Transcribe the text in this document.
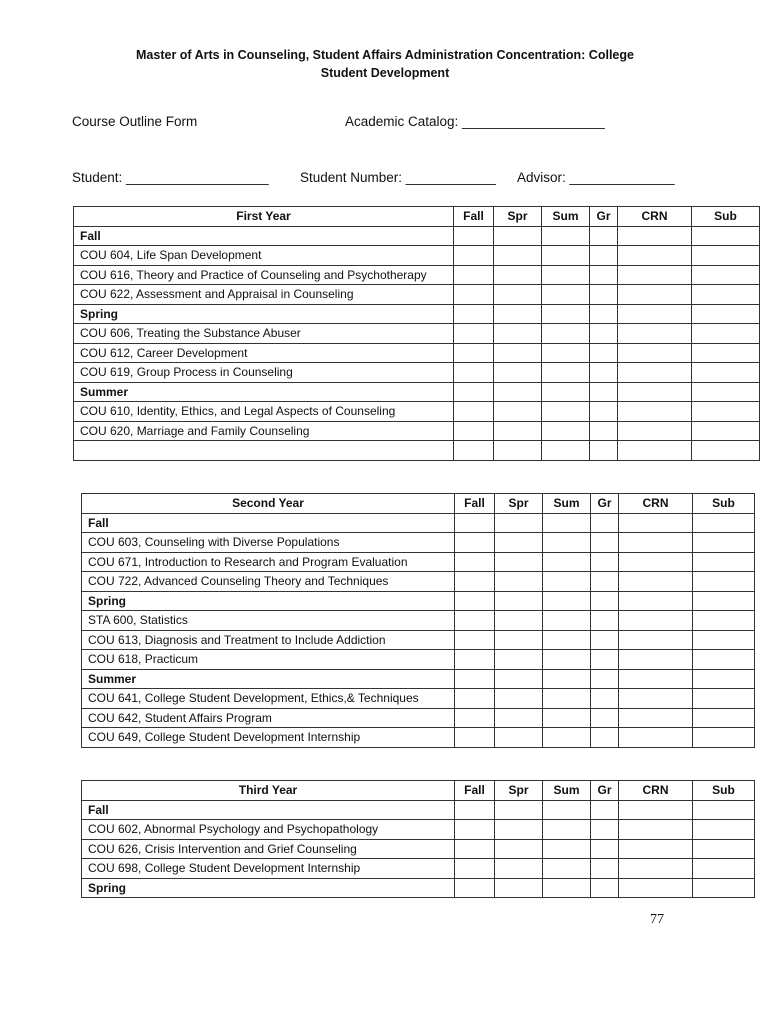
Master of Arts in Counseling, Student Affairs Administration Concentration: College
Student Development
Course Outline Form	Academic Catalog: ___________________
Student: ___________________ Student Number: ____________ Advisor: ______________
First Year	Fall	Spr	Sum	Gr	CRN	Sub
Fall						
COU 604, Life Span Development						
COU 616, Theory and Practice of Counseling and Psychotherapy						
COU 622, Assessment and Appraisal in Counseling						
Spring						
COU 606, Treating the Substance Abuser						
COU 612, Career Development						
COU 619, Group Process in Counseling						
Summer						
COU 610, Identity, Ethics, and Legal Aspects of Counseling						
COU 620, Marriage and Family Counseling						

Second Year	Fall	Spr	Sum	Gr	CRN	Sub
Fall						
COU 603, Counseling with Diverse Populations						
COU 671, Introduction to Research and Program Evaluation						
COU 722, Advanced Counseling Theory and Techniques						
Spring						
STA 600, Statistics						
COU 613, Diagnosis and Treatment to Include Addiction						
COU 618, Practicum						
Summer						
COU 641, College Student Development, Ethics,& Techniques						
COU 642, Student Affairs Program						
COU 649, College Student Development Internship						
Third Year	Fall	Spr	Sum	Gr	CRN	Sub
Fall						
COU 602, Abnormal Psychology and Psychopathology						
COU 626, Crisis Intervention and Grief Counseling						
COU 698, College Student Development Internship						
Spring						
77
